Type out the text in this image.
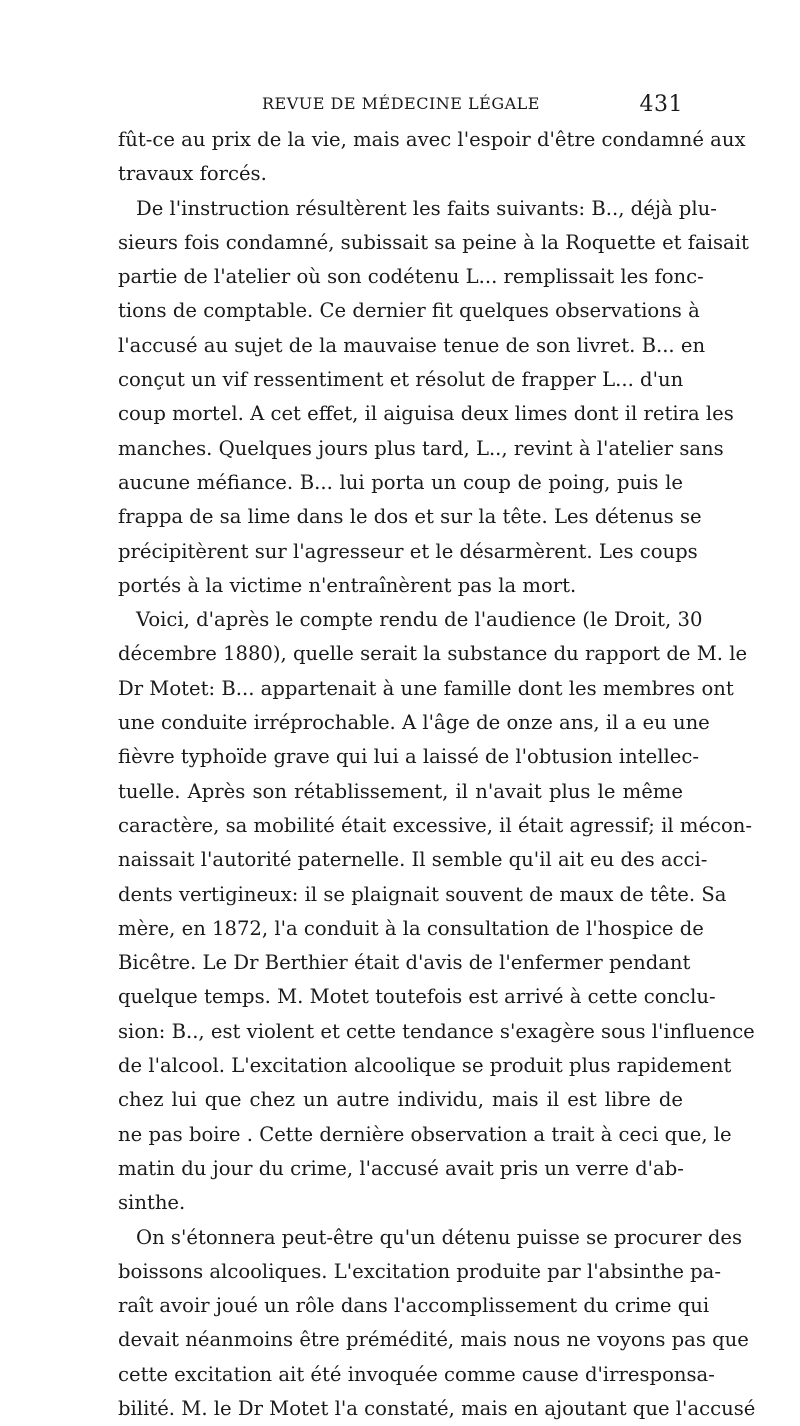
REVUE DE MÉDECINE LÉGALE	431
fût-ce au prix de la vie, mais avec l'espoir d'être condamné aux
travaux forcés.
De l'instruction résultèrent les faits suivants: B.., déjà plu-
sieurs fois condamné, subissait sa peine à la Roquette et faisait
partie de l'atelier où son codétenu L... remplissait les fonc-
tions de comptable. Ce dernier fit quelques observations à
l'accusé au sujet de la mauvaise tenue de son livret. B... en
conçut un vif ressentiment et résolut de frapper L... d'un
coup mortel. A cet effet, il aiguisa deux limes dont il retira les
manches. Quelques jours plus tard, L.., revint à l'atelier sans
aucune méfiance. B... lui porta un coup de poing, puis le
frappa de sa lime dans le dos et sur la tête. Les détenus se
précipitèrent sur l'agresseur et le désarmèrent. Les coups
portés à la victime n'entraînèrent pas la mort.
Voici, d'après le compte rendu de l'audience (le Droit, 30
décembre 1880), quelle serait la substance du rapport de M. le
Dr Motet: B... appartenait à une famille dont les membres ont
une conduite irréprochable. A l'âge de onze ans, il a eu une
fièvre typhoïde grave qui lui a laissé de l'obtusion intellec-
tuelle. Après son rétablissement, il n'avait plus le même
caractère, sa mobilité était excessive, il était agressif; il mécon-
naissait l'autorité paternelle. Il semble qu'il ait eu des acci-
dents vertigineux: il se plaignait souvent de maux de tête. Sa
mère, en 1872, l'a conduit à la consultation de l'hospice de
Bicêtre. Le Dr Berthier était d'avis de l'enfermer pendant
quelque temps. M. Motet toutefois est arrivé à cette conclu-
sion: B.., est violent et cette tendance s'exagère sous l'influence
de l'alcool. L'excitation alcoolique se produit plus rapidement
chez lui que chez un autre individu, mais il est libre de
ne pas boire . Cette dernière observation a trait à ceci que, le
matin du jour du crime, l'accusé avait pris un verre d'ab-
sinthe.
On s'étonnera peut-être qu'un détenu puisse se procurer des
boissons alcooliques. L'excitation produite par l'absinthe pa-
raît avoir joué un rôle dans l'accomplissement du crime qui
devait néanmoins être prémédité, mais nous ne voyons pas que
cette excitation ait été invoquée comme cause d'irresponsa-
bilité. M. le Dr Motet l'a constaté, mais en ajoutant que l'accusé
